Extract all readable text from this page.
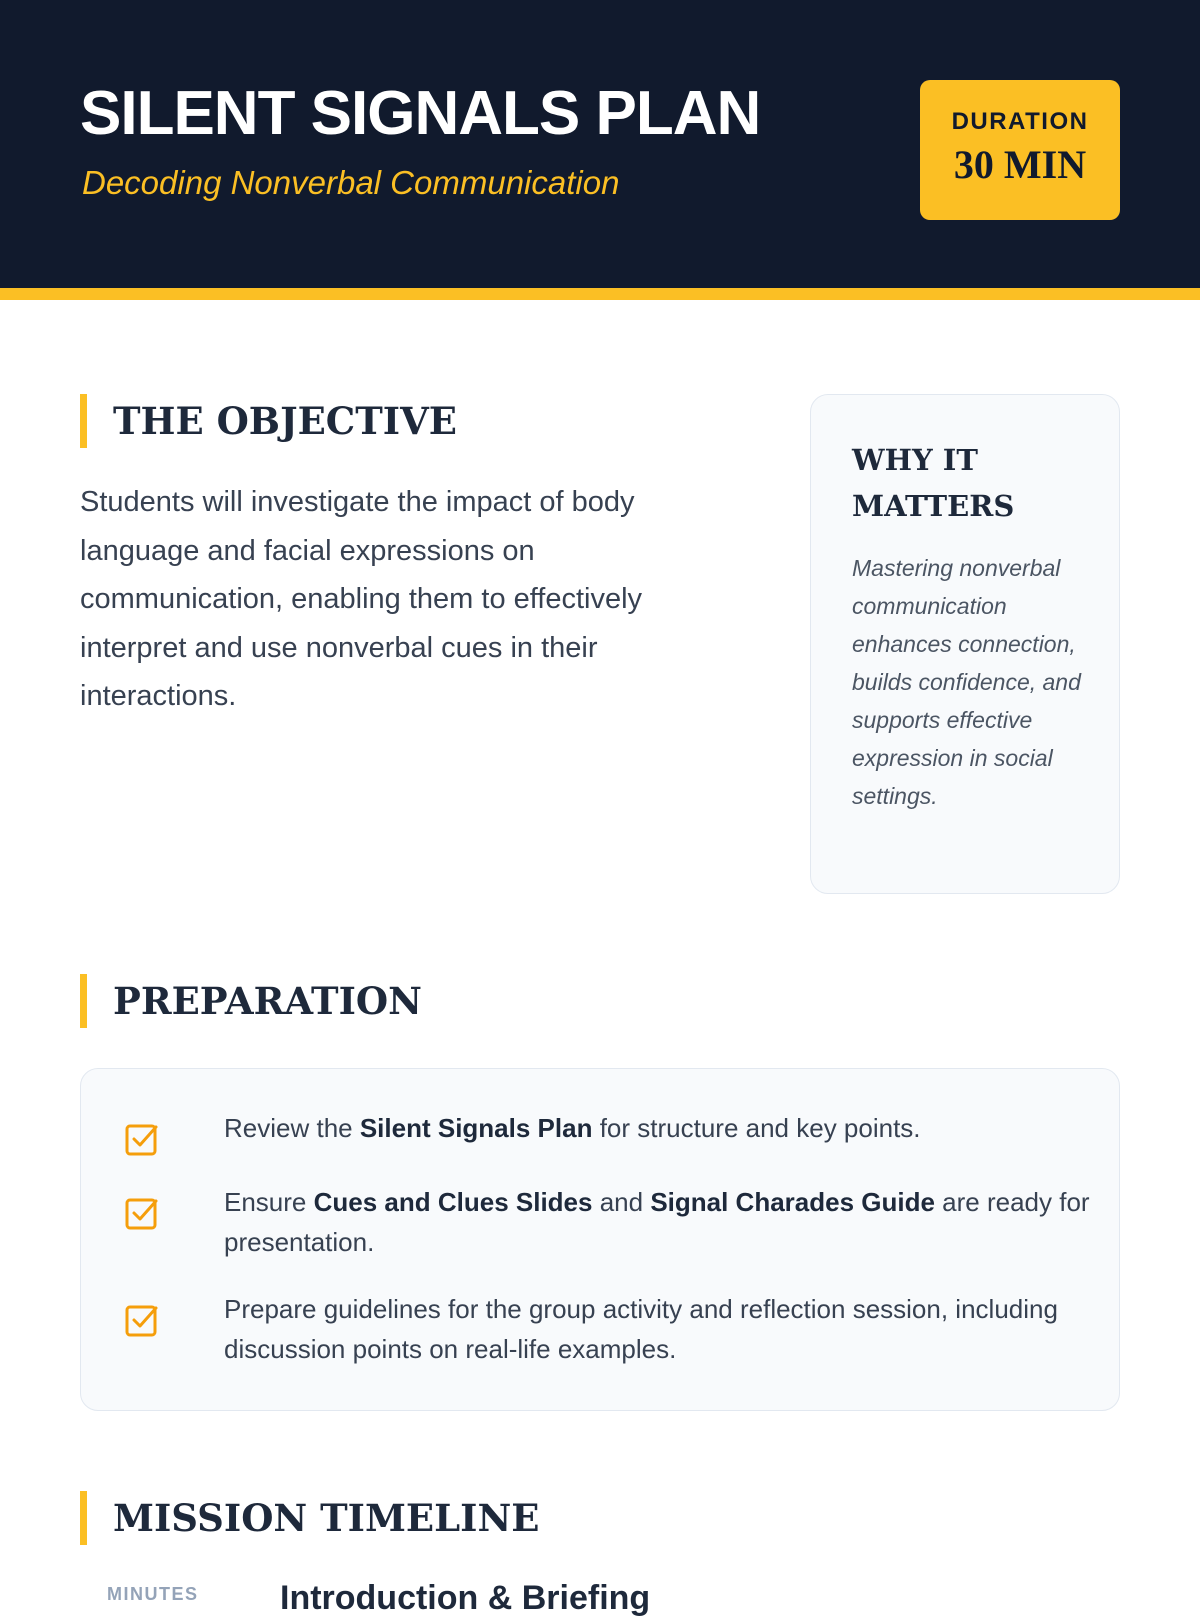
SILENT SIGNALS PLAN
Decoding Nonverbal Communication
DURATION
30 MIN
THE OBJECTIVE

Students will investigate the impact of body language and facial expressions on communication, enabling them to effectively interpret and use nonverbal cues in their interactions.

WHY IT MATTERS

Mastering nonverbal communication enhances connection, builds confidence, and supports effective expression in social settings.

PREPARATION
Review the Silent Signals Plan for structure and key points.
Ensure Cues and Clues Slides and Signal Charades Guide are ready for presentation.
Prepare guidelines for the group activity and reflection session, including discussion points on real-life examples.
MISSION TIMELINE
MINUTES Introduction & Briefing
